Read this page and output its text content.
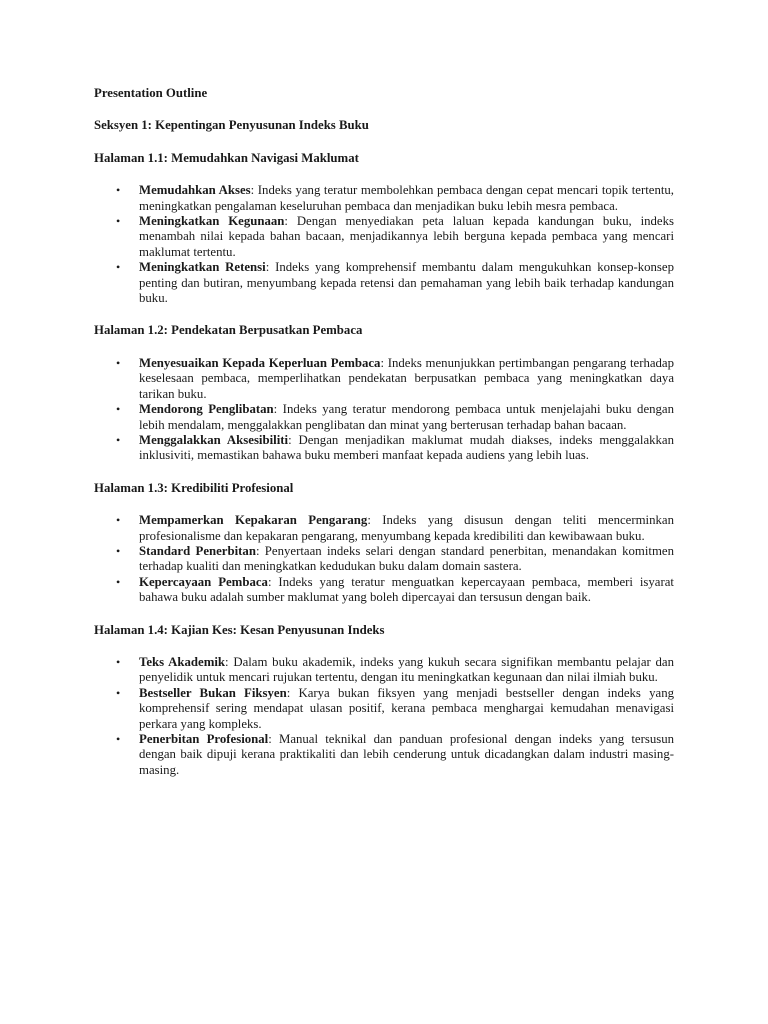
Presentation Outline

Seksyen 1: Kepentingan Penyusunan Indeks Buku

Halaman 1.1: Memudahkan Navigasi Maklumat

• Memudahkan Akses: Indeks yang teratur membolehkan pembaca dengan cepat mencari topik tertentu, meningkatkan pengalaman keseluruhan pembaca dan menjadikan buku lebih mesra pembaca.
• Meningkatkan Kegunaan: Dengan menyediakan peta laluan kepada kandungan buku, indeks menambah nilai kepada bahan bacaan, menjadikannya lebih berguna kepada pembaca yang mencari maklumat tertentu.
• Meningkatkan Retensi: Indeks yang komprehensif membantu dalam mengukuhkan konsep-konsep penting dan butiran, menyumbang kepada retensi dan pemahaman yang lebih baik terhadap kandungan buku.

Halaman 1.2: Pendekatan Berpusatkan Pembaca

• Menyesuaikan Kepada Keperluan Pembaca: Indeks menunjukkan pertimbangan pengarang terhadap keselesaan pembaca, memperlihatkan pendekatan berpusatkan pembaca yang meningkatkan daya tarikan buku.
• Mendorong Penglibatan: Indeks yang teratur mendorong pembaca untuk menjelajahi buku dengan lebih mendalam, menggalakkan penglibatan dan minat yang berterusan terhadap bahan bacaan.
• Menggalakkan Aksesibiliti: Dengan menjadikan maklumat mudah diakses, indeks menggalakkan inklusiviti, memastikan bahawa buku memberi manfaat kepada audiens yang lebih luas.

Halaman 1.3: Kredibiliti Profesional

• Mempamerkan Kepakaran Pengarang: Indeks yang disusun dengan teliti mencerminkan profesionalisme dan kepakaran pengarang, menyumbang kepada kredibiliti dan kewibawaan buku.
• Standard Penerbitan: Penyertaan indeks selari dengan standard penerbitan, menandakan komitmen terhadap kualiti dan meningkatkan kedudukan buku dalam domain sastera.
• Kepercayaan Pembaca: Indeks yang teratur menguatkan kepercayaan pembaca, memberi isyarat bahawa buku adalah sumber maklumat yang boleh dipercayai dan tersusun dengan baik.

Halaman 1.4: Kajian Kes: Kesan Penyusunan Indeks

• Teks Akademik: Dalam buku akademik, indeks yang kukuh secara signifikan membantu pelajar dan penyelidik untuk mencari rujukan tertentu, dengan itu meningkatkan kegunaan dan nilai ilmiah buku.
• Bestseller Bukan Fiksyen: Karya bukan fiksyen yang menjadi bestseller dengan indeks yang komprehensif sering mendapat ulasan positif, kerana pembaca menghargai kemudahan menavigasi perkara yang kompleks.
• Penerbitan Profesional: Manual teknikal dan panduan profesional dengan indeks yang tersusun dengan baik dipuji kerana praktikaliti dan lebih cenderung untuk dicadangkan dalam industri masing-masing.
